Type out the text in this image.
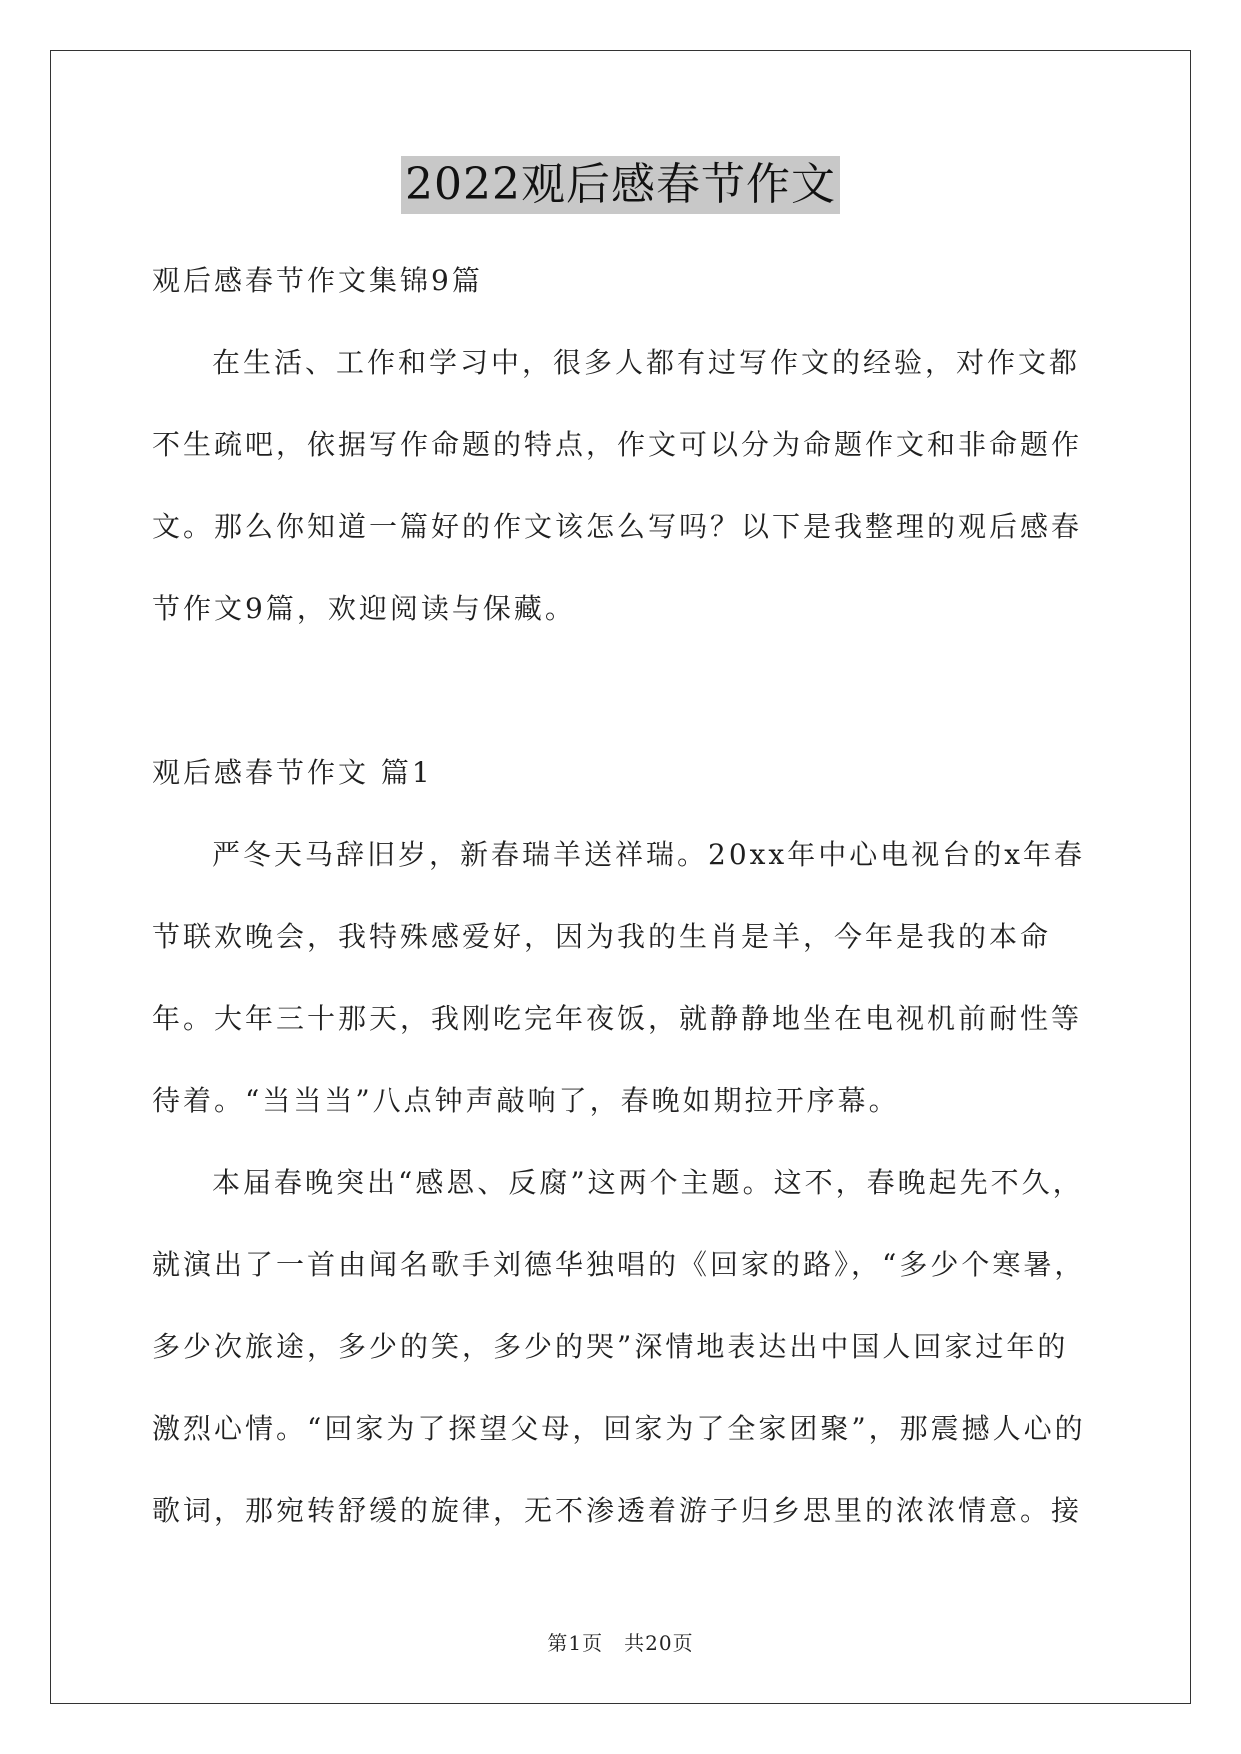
2022观后感春节作文

观后感春节作文集锦9篇

在生活、工作和学习中，很多人都有过写作文的经验，对作文都不生疏吧，依据写作命题的特点，作文可以分为命题作文和非命题作文。那么你知道一篇好的作文该怎么写吗？以下是我整理的观后感春节作文9篇，欢迎阅读与保藏。

观后感春节作文 篇1

严冬天马辞旧岁，新春瑞羊送祥瑞。20xx年中心电视台的x年春节联欢晚会，我特殊感爱好，因为我的生肖是羊，今年是我的本命年。大年三十那天，我刚吃完年夜饭，就静静地坐在电视机前耐性等待着。“当当当”八点钟声敲响了，春晚如期拉开序幕。

本届春晚突出“感恩、反腐”这两个主题。这不，春晚起先不久，就演出了一首由闻名歌手刘德华独唱的《回家的路》，“多少个寒暑，多少次旅途，多少的笑，多少的哭”深情地表达出中国人回家过年的激烈心情。“回家为了探望父母，回家为了全家团聚”，那震撼人心的歌词，那宛转舒缓的旋律，无不渗透着游子归乡思里的浓浓情意。接

第1页　共20页
